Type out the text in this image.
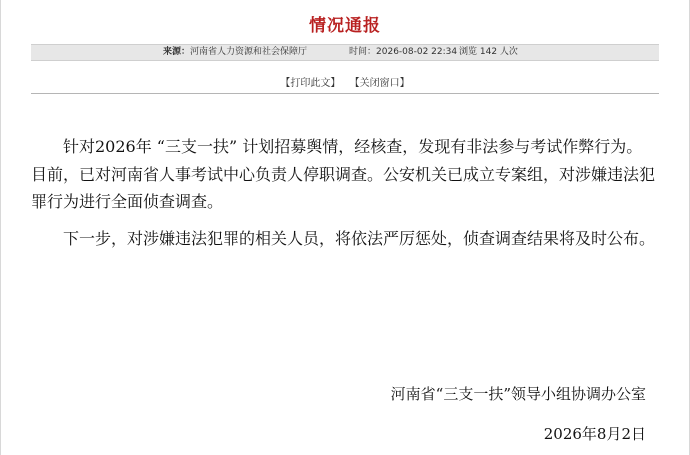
情况通报
来源：河南省人力资源和社会保障厅	时间：2026-08-02 22:34 浏览 142 人次
【打印此文】 【关闭窗口】

针对2026年 “三支一扶” 计划招募舆情，经核查，发现有非法参与考试作弊行为。目前，已对河南省人事考试中心负责人停职调查。公安机关已成立专案组，对涉嫌违法犯罪行为进行全面侦查调查。

下一步，对涉嫌违法犯罪的相关人员，将依法严厉惩处，侦查调查结果将及时公布。

河南省“三支一扶”领导小组协调办公室
2026年8月2日
